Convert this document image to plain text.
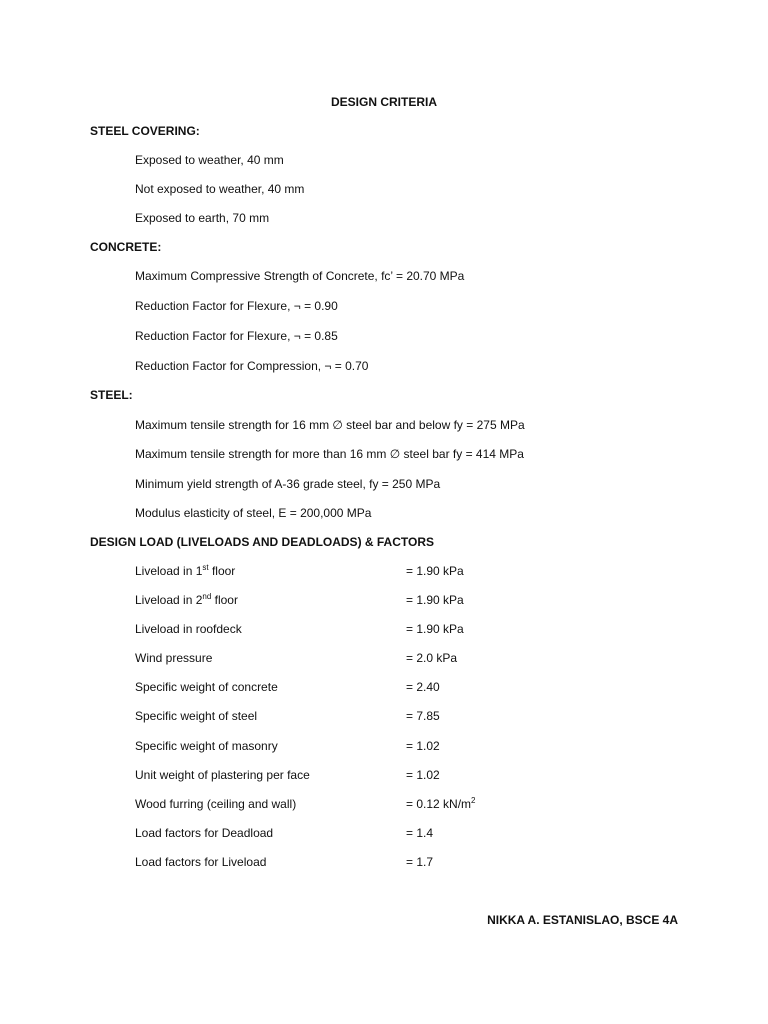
DESIGN CRITERIA
STEEL COVERING:
Exposed to weather, 40 mm
Not exposed to weather, 40 mm
Exposed to earth, 70 mm
CONCRETE:
Maximum Compressive Strength of Concrete, fc’ = 20.70 MPa
Reduction Factor for Flexure, ¬ = 0.90
Reduction Factor for Flexure, ¬ = 0.85
Reduction Factor for Compression, ¬ = 0.70
STEEL:
Maximum tensile strength for 16 mm ∅ steel bar and below fy = 275 MPa
Maximum tensile strength for more than 16 mm ∅ steel bar fy = 414 MPa
Minimum yield strength of A-36 grade steel, fy = 250 MPa
Modulus elasticity of steel, E = 200,000 MPa
DESIGN LOAD (LIVELOADS AND DEADLOADS) & FACTORS
Liveload in 1st floor	= 1.90 kPa
Liveload in 2nd floor	= 1.90 kPa
Liveload in roofdeck	= 1.90 kPa
Wind pressure	= 2.0 kPa
Specific weight of concrete	= 2.40
Specific weight of steel	= 7.85
Specific weight of masonry	= 1.02
Unit weight of plastering per face	= 1.02
Wood furring (ceiling and wall)	= 0.12 $kN/m^2$
Load factors for Deadload	= 1.4
Load factors for Liveload	= 1.7
NIKKA A. ESTANISLAO, BSCE 4A
